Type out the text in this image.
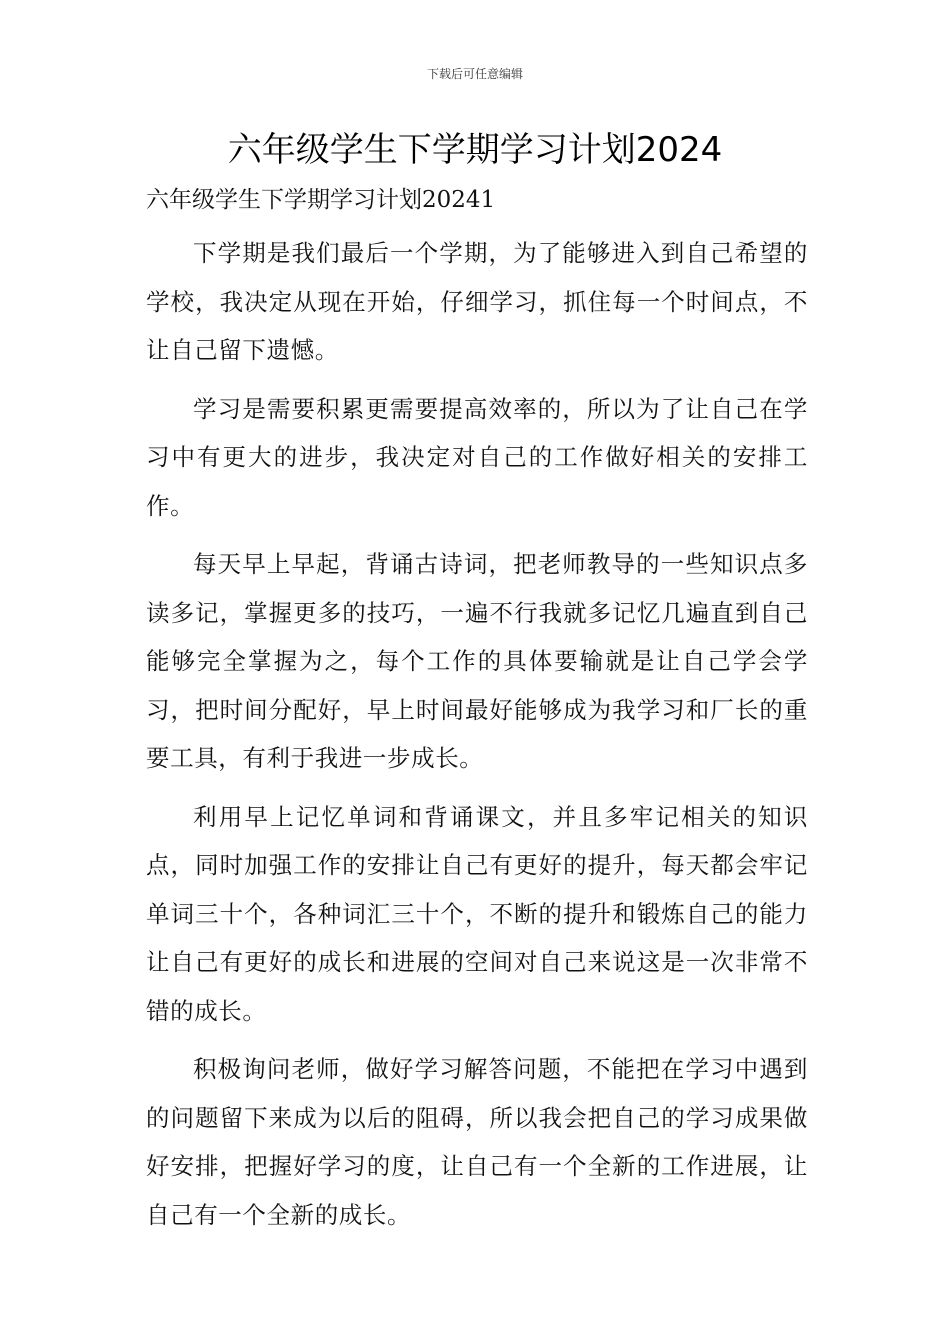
下载后可任意编辑
六年级学生下学期学习计划2024
六年级学生下学期学习计划20241

下学期是我们最后一个学期，为了能够进入到自己希望的学校，我决定从现在开始，仔细学习，抓住每一个时间点，不让自己留下遗憾。

学习是需要积累更需要提高效率的，所以为了让自己在学习中有更大的进步，我决定对自己的工作做好相关的安排工作。

每天早上早起，背诵古诗词，把老师教导的一些知识点多读多记，掌握更多的技巧，一遍不行我就多记忆几遍直到自己能够完全掌握为之，每个工作的具体要输就是让自己学会学习，把时间分配好，早上时间最好能够成为我学习和厂长的重要工具，有利于我进一步成长。

利用早上记忆单词和背诵课文，并且多牢记相关的知识点，同时加强工作的安排让自己有更好的提升，每天都会牢记单词三十个，各种词汇三十个，不断的提升和锻炼自己的能力让自己有更好的成长和进展的空间对自己来说这是一次非常不错的成长。

积极询问老师，做好学习解答问题，不能把在学习中遇到的问题留下来成为以后的阻碍，所以我会把自己的学习成果做好安排，把握好学习的度，让自己有一个全新的工作进展，让自己有一个全新的成长。
